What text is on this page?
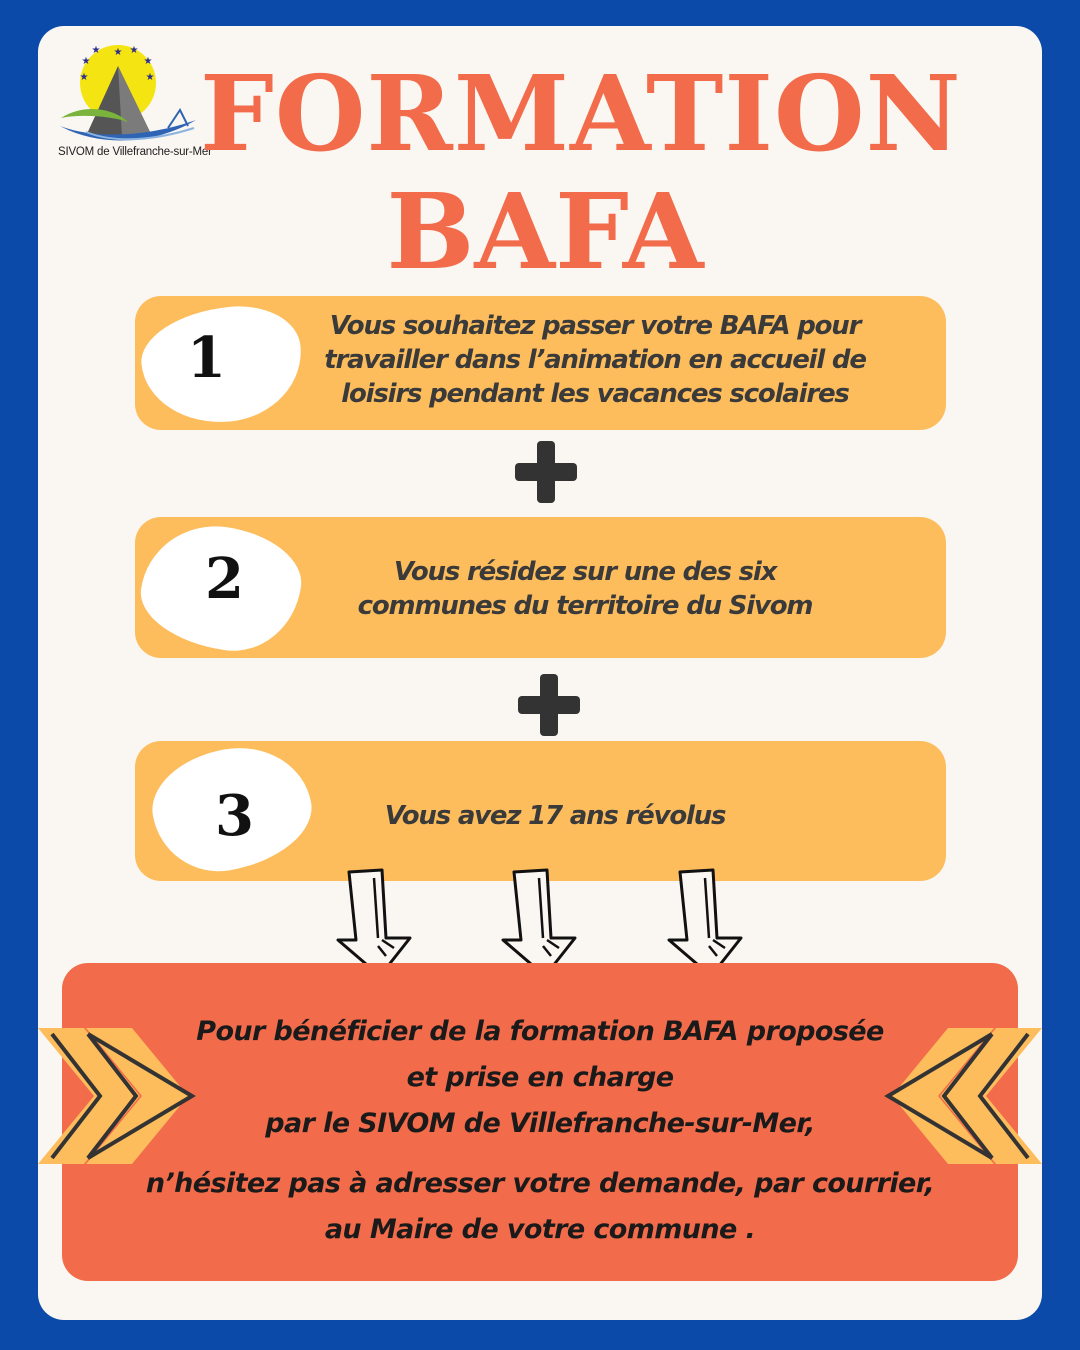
★ ★
★
★
★
★
★
SIVOM de Villefranche-sur-Mer
FORMATION
BAFA
1	Vous souhaitez passer votre BAFA pour
travailler dans l’animation en accueil de
loisirs pendant les vacances scolaires
2	Vous résidez sur une des six
communes du territoire du Sivom
3	Vous avez 17 ans révolus
Pour bénéficier de la formation BAFA proposée
et prise en charge
par le SIVOM de Villefranche-sur-Mer,
n’hésitez pas à adresser votre demande, par courrier,
au Maire de votre commune .
